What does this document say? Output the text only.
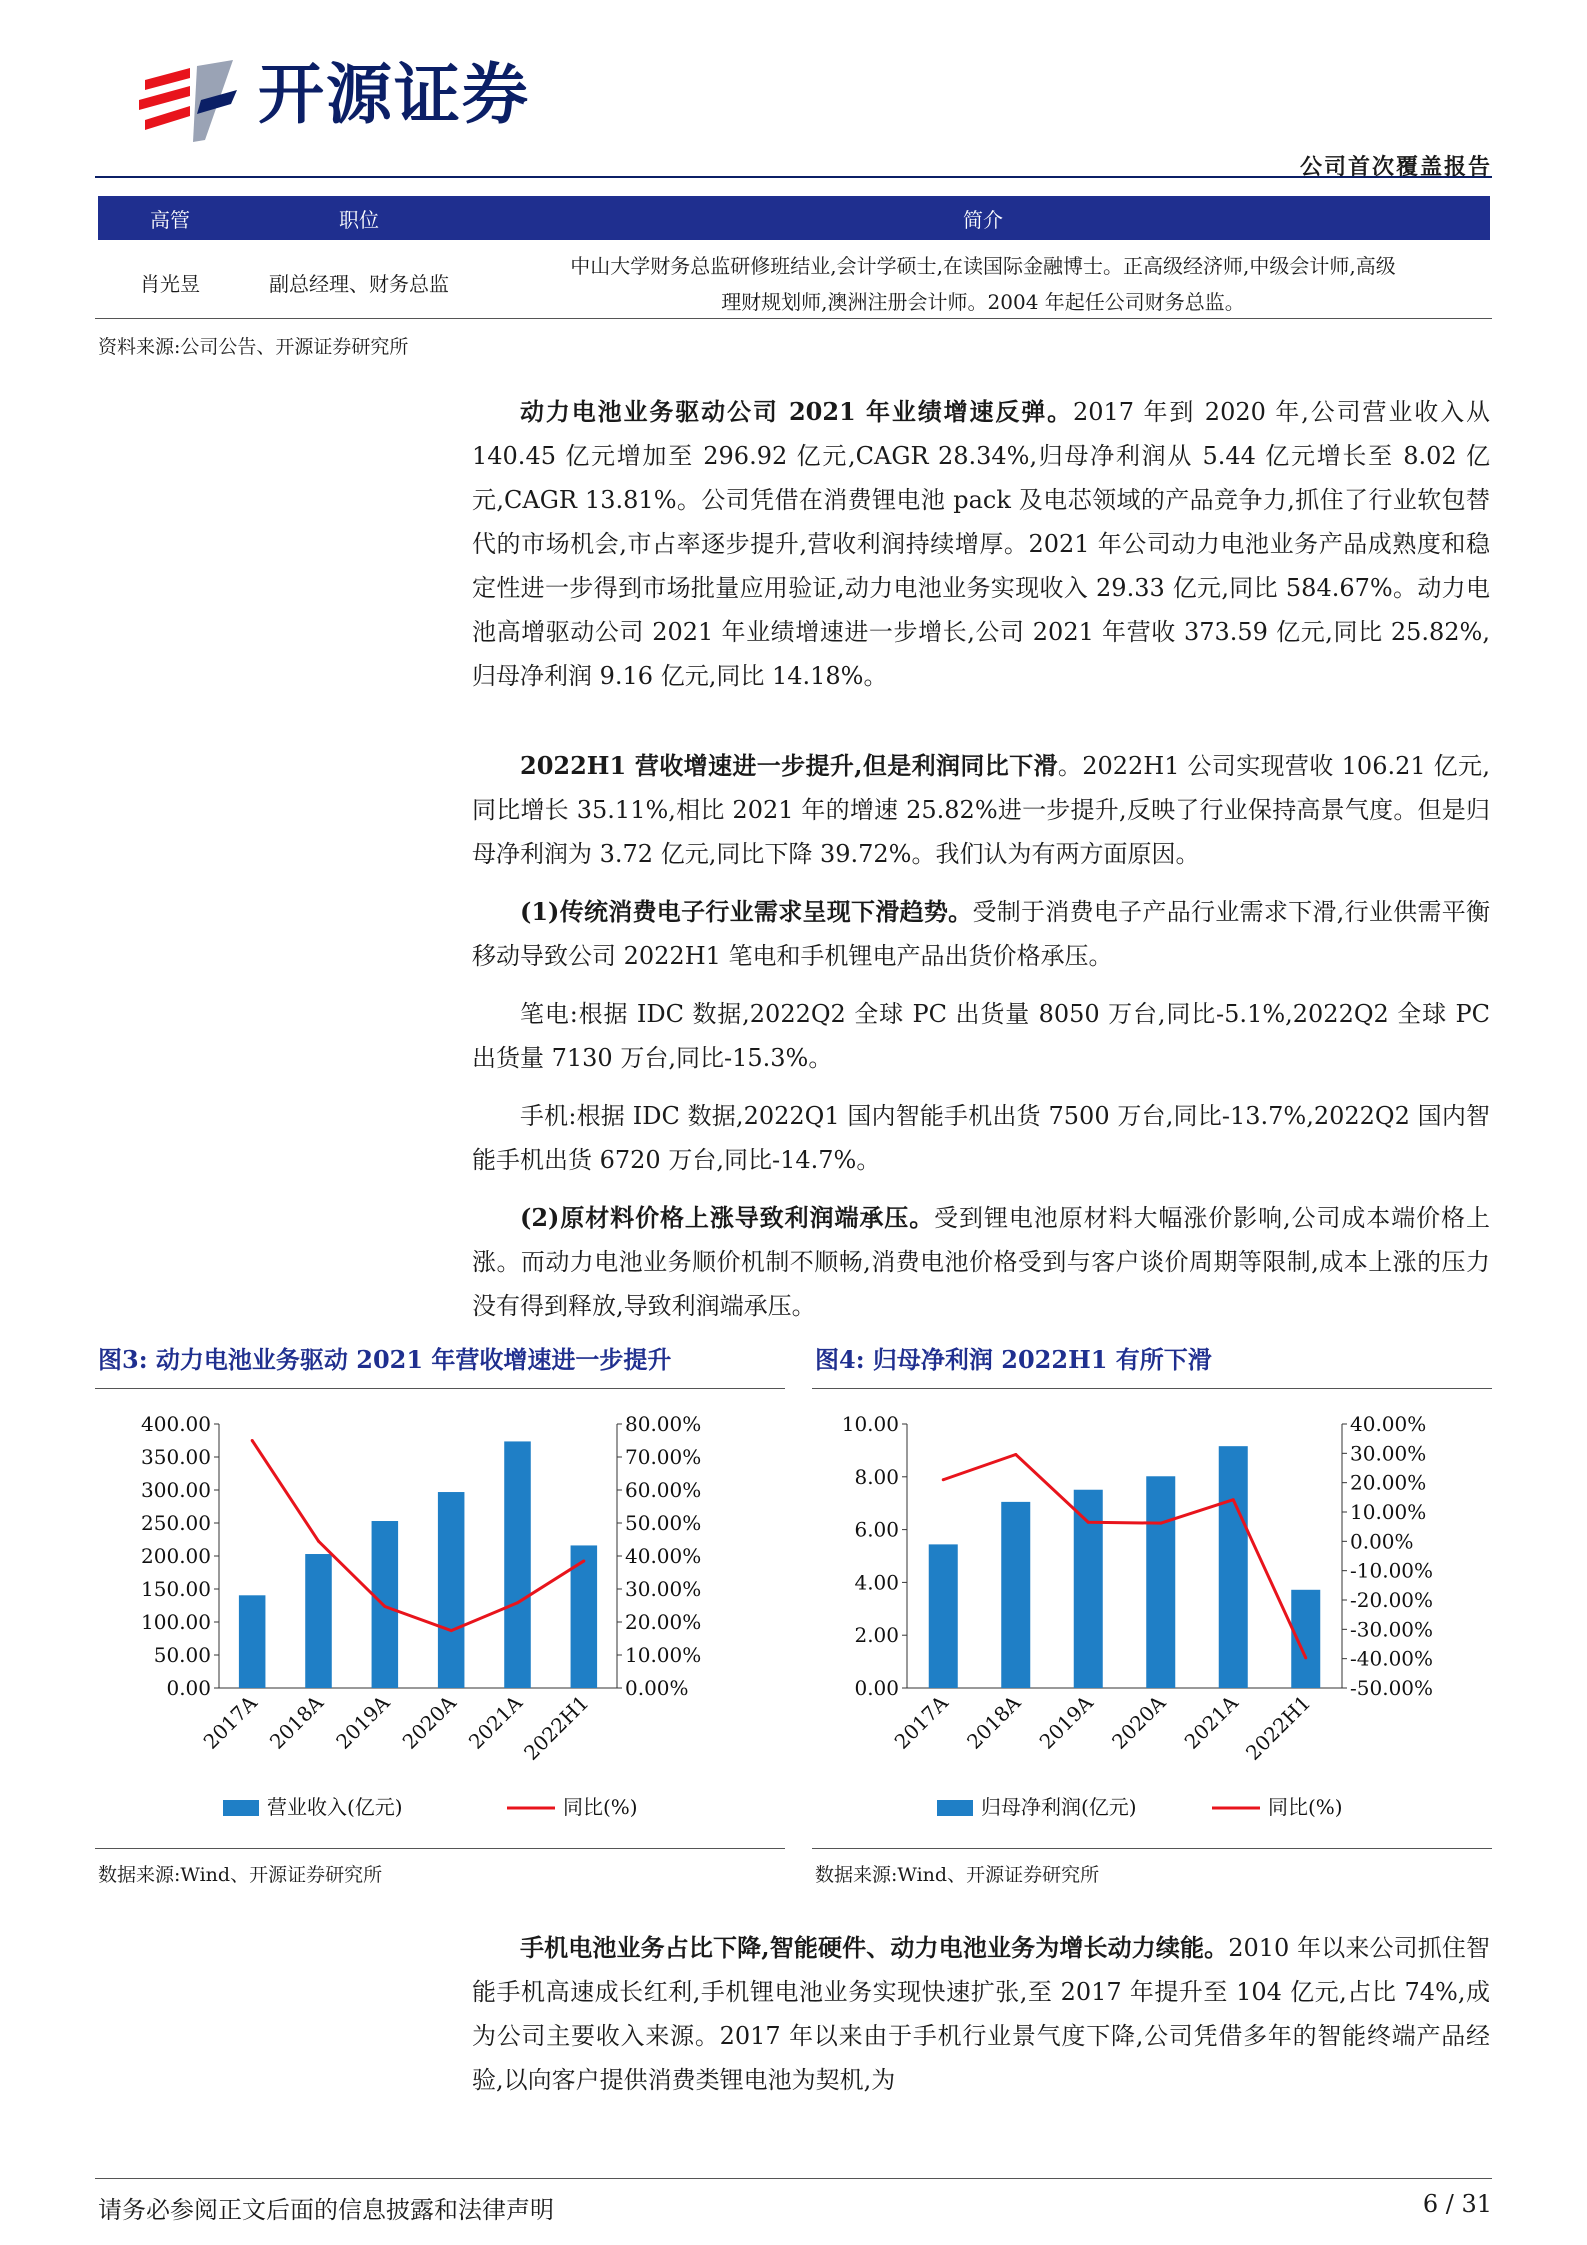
开源证券
公司首次覆盖报告
高管	职位	简介
肖光昱	副总经理、财务总监	中山大学财务总监研修班结业,会计学硕士,在读国际金融博士。正高级经济师,中级会计师,高级
理财规划师,澳洲注册会计师。2004 年起任公司财务总监。
资料来源:公司公告、开源证券研究所

动力电池业务驱动公司 2021 年业绩增速反弹。2017 年到 2020 年,公司营业收入从 140.45 亿元增加至 296.92 亿元,CAGR 28.34%,归母净利润从 5.44 亿元增长至 8.02 亿元,CAGR 13.81%。公司凭借在消费锂电池 pack 及电芯领域的产品竞争力,抓住了行业软包替代的市场机会,市占率逐步提升,营收利润持续增厚。2021 年公司动力电池业务产品成熟度和稳定性进一步得到市场批量应用验证,动力电池业务实现收入 29.33 亿元,同比 584.67%。动力电池高增驱动公司 2021 年业绩增速进一步增长,公司 2021 年营收 373.59 亿元,同比 25.82%,归母净利润 9.16 亿元,同比 14.18%。

2022H1 营收增速进一步提升,但是利润同比下滑。2022H1 公司实现营收 106.21 亿元,同比增长 35.11%,相比 2021 年的增速 25.82%进一步提升,反映了行业保持高景气度。但是归母净利润为 3.72 亿元,同比下降 39.72%。我们认为有两方面原因。

(1)传统消费电子行业需求呈现下滑趋势。受制于消费电子产品行业需求下滑,行业供需平衡移动导致公司 2022H1 笔电和手机锂电产品出货价格承压。

笔电:根据 IDC 数据,2022Q2 全球 PC 出货量 8050 万台,同比-5.1%,2022Q2 全球 PC 出货量 7130 万台,同比-15.3%。

手机:根据 IDC 数据,2022Q1 国内智能手机出货 7500 万台,同比-13.7%,2022Q2 国内智能手机出货 6720 万台,同比-14.7%。

(2)原材料价格上涨导致利润端承压。受到锂电池原材料大幅涨价影响,公司成本端价格上涨。而动力电池业务顺价机制不顺畅,消费电池价格受到与客户谈价周期等限制,成本上涨的压力没有得到释放,导致利润端承压。

图3: 动力电池业务驱动 2021 年营收增速进一步提升	图4: 归母净利润 2022H1 有所下滑
0.00
50.00
100.00
150.00
200.00
250.00
300.00
350.00
400.00
0.00%
10.00%
20.00%
30.00%
40.00%
50.00%
60.00%
70.00%
80.00%
2017A 2018A 2019A 2020A 2021A
2022H1
营业收入(亿元)	同比(%)
0.00
2.00
4.00
6.00
8.00
10.00
-50.00%
-40.00%
-30.00%
-20.00%
-10.00%
0.00%
10.00%
20.00%
30.00%
40.00%
2017A 2018A 2019A 2020A 2021A
2022H1
归母净利润(亿元)	同比(%)
数据来源:Wind、开源证券研究所	数据来源:Wind、开源证券研究所

手机电池业务占比下降,智能硬件、动力电池业务为增长动力续能。2010 年以来公司抓住智能手机高速成长红利,手机锂电池业务实现快速扩张,至 2017 年提升至 104 亿元,占比 74%,成为公司主要收入来源。2017 年以来由于手机行业景气度下降,公司凭借多年的智能终端产品经验,以向客户提供消费类锂电池为契机,为

请务必参阅正文后面的信息披露和法律声明	6 / 31
